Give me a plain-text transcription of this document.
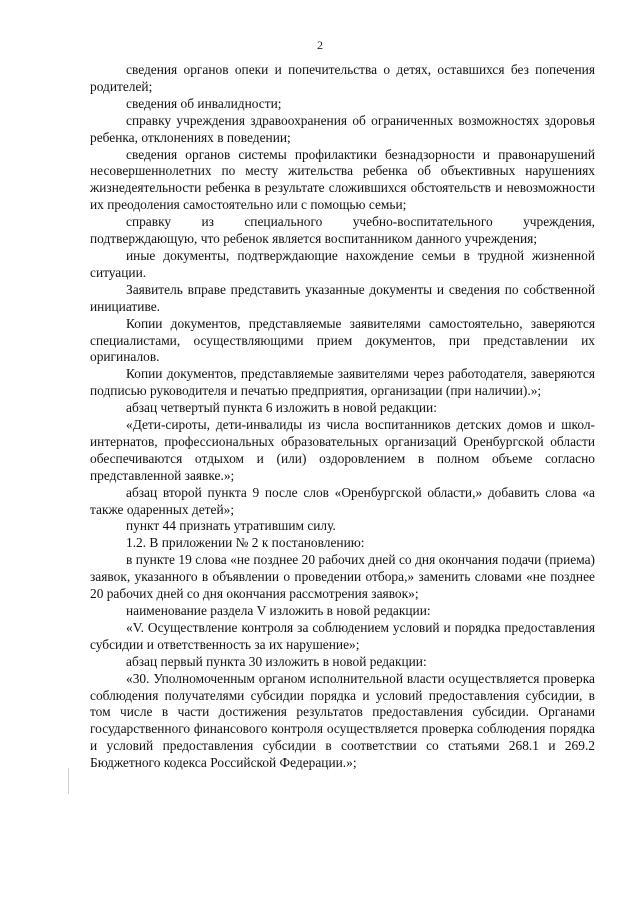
2

сведения органов опеки и попечительства о детях, оставшихся без попечения родителей;

сведения об инвалидности;

справку учреждения здравоохранения об ограниченных возможностях здоровья ребенка, отклонениях в поведении;

сведения органов системы профилактики безнадзорности и правонарушений несовершеннолетних по месту жительства ребенка об объективных нарушениях жизнедеятельности ребенка в результате сложившихся обстоятельств и невозможности их преодоления самостоятельно или с помощью семьи;

справку из специального учебно-воспитательного учреждения, подтверждающую, что ребенок является воспитанником данного учреждения;

иные документы, подтверждающие нахождение семьи в трудной жизненной ситуации.

Заявитель вправе представить указанные документы и сведения по собственной инициативе.

Копии документов, представляемые заявителями самостоятельно, заверяются специалистами, осуществляющими прием документов, при представлении их оригиналов.

Копии документов, представляемые заявителями через работодателя, заверяются подписью руководителя и печатью предприятия, организации (при наличии).»;

абзац четвертый пункта 6 изложить в новой редакции:

«Дети-сироты, дети-инвалиды из числа воспитанников детских домов и школ-интернатов, профессиональных образовательных организаций Оренбургской области обеспечиваются отдыхом и (или) оздоровлением в полном объеме согласно представленной заявке.»;

абзац второй пункта 9 после слов «Оренбургской области,» добавить слова «а также одаренных детей»;

пункт 44 признать утратившим силу.

1.2. В приложении № 2 к постановлению:

в пункте 19 слова «не позднее 20 рабочих дней со дня окончания подачи (приема) заявок, указанного в объявлении о проведении отбора,» заменить словами «не позднее 20 рабочих дней со дня окончания рассмотрения заявок»;

наименование раздела V изложить в новой редакции:

«V. Осуществление контроля за соблюдением условий и порядка предоставления субсидии и ответственность за их нарушение»;

абзац первый пункта 30 изложить в новой редакции:

«30. Уполномоченным органом исполнительной власти осуществляется проверка соблюдения получателями субсидии порядка и условий предоставления субсидии, в том числе в части достижения результатов предоставления субсидии. Органами государственного финансового контроля осуществляется проверка соблюдения порядка и условий предоставления субсидии в соответствии со статьями 268.1 и 269.2 Бюджетного кодекса Российской Федерации.»;
